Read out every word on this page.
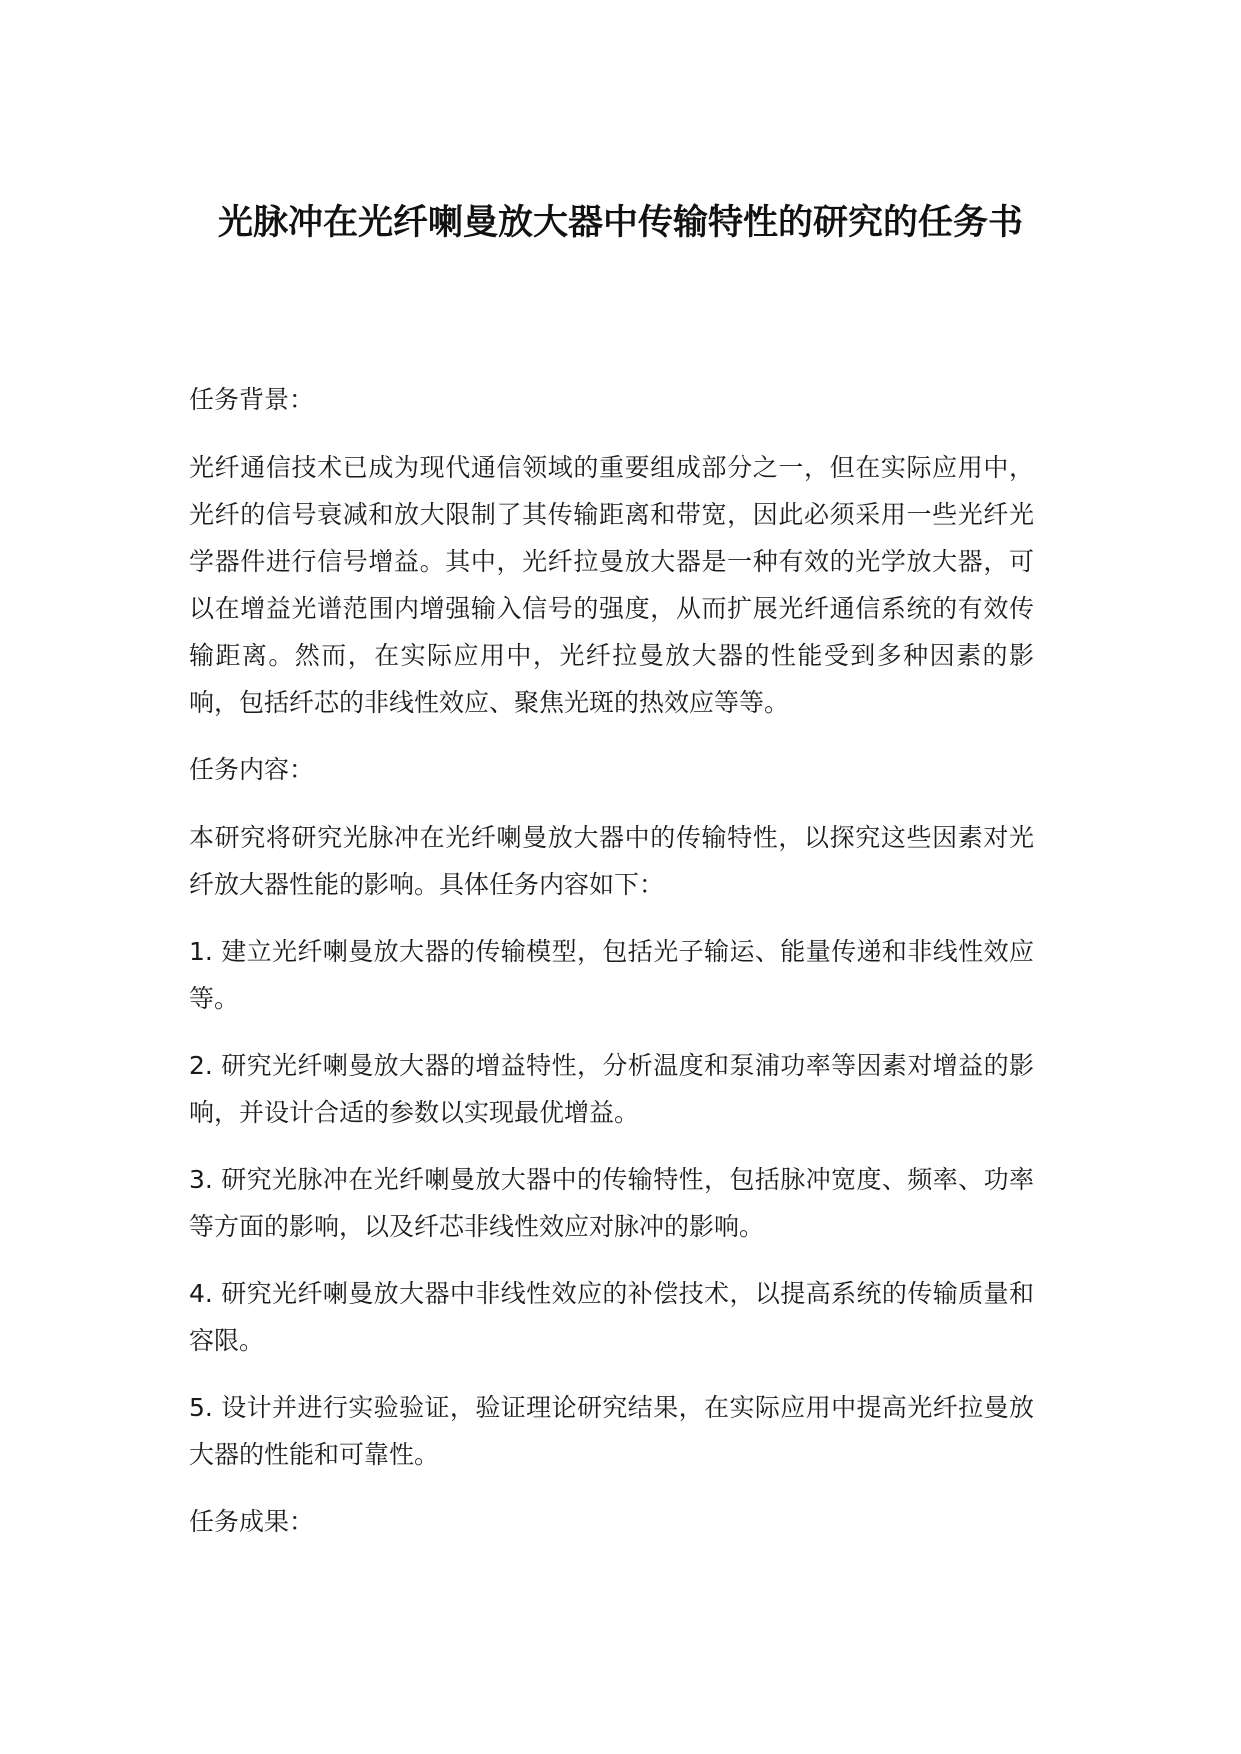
光脉冲在光纤喇曼放大器中传输特性的研究的任务书
任务背景：
光纤通信技术已成为现代通信领域的重要组成部分之一，但在实际应用中，光纤的信号衰减和放大限制了其传输距离和带宽，因此必须采用一些光纤光学器件进行信号增益。其中，光纤拉曼放大器是一种有效的光学放大器，可以在增益光谱范围内增强输入信号的强度，从而扩展光纤通信系统的有效传输距离。然而，在实际应用中，光纤拉曼放大器的性能受到多种因素的影响，包括纤芯的非线性效应、聚焦光斑的热效应等等。
任务内容：
本研究将研究光脉冲在光纤喇曼放大器中的传输特性，以探究这些因素对光纤放大器性能的影响。具体任务内容如下：
1. 建立光纤喇曼放大器的传输模型，包括光子输运、能量传递和非线性效应等。
2. 研究光纤喇曼放大器的增益特性，分析温度和泵浦功率等因素对增益的影响，并设计合适的参数以实现最优增益。
3. 研究光脉冲在光纤喇曼放大器中的传输特性，包括脉冲宽度、频率、功率等方面的影响，以及纤芯非线性效应对脉冲的影响。
4. 研究光纤喇曼放大器中非线性效应的补偿技术，以提高系统的传输质量和容限。
5. 设计并进行实验验证，验证理论研究结果，在实际应用中提高光纤拉曼放大器的性能和可靠性。
任务成果：
